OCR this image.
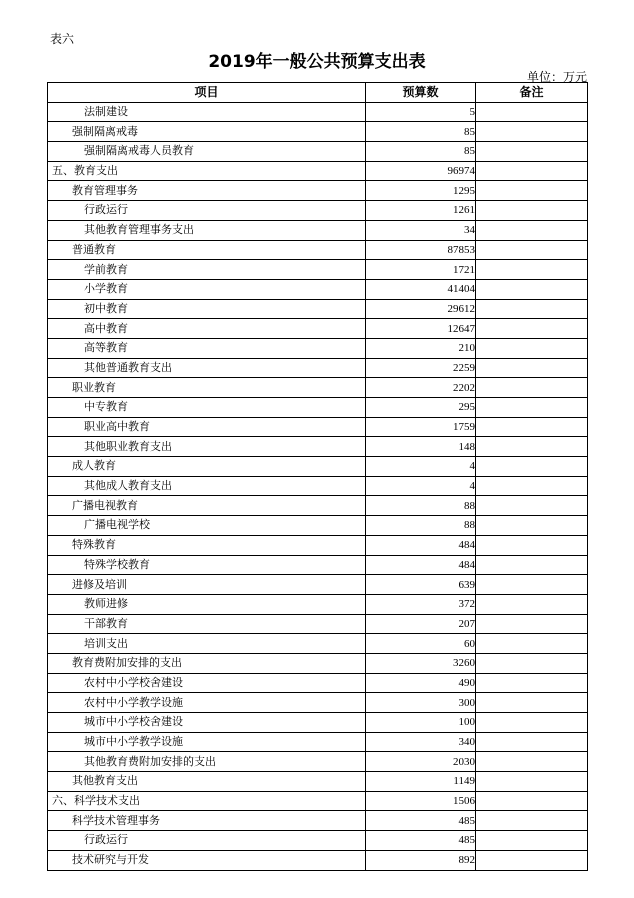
表六
2019年一般公共预算支出表
单位：万元
项目	预算数	备注
法制建设	5	
强制隔离戒毒	85	
强制隔离戒毒人员教育	85	
五、教育支出	96974	
教育管理事务	1295	
行政运行	1261	
其他教育管理事务支出	34	
普通教育	87853	
学前教育	1721	
小学教育	41404	
初中教育	29612	
高中教育	12647	
高等教育	210	
其他普通教育支出	2259	
职业教育	2202	
中专教育	295	
职业高中教育	1759	
其他职业教育支出	148	
成人教育	4	
其他成人教育支出	4	
广播电视教育	88	
广播电视学校	88	
特殊教育	484	
特殊学校教育	484	
进修及培训	639	
教师进修	372	
干部教育	207	
培训支出	60	
教育费附加安排的支出	3260	
农村中小学校舍建设	490	
农村中小学教学设施	300	
城市中小学校舍建设	100	
城市中小学教学设施	340	
其他教育费附加安排的支出	2030	
其他教育支出	1149	
六、科学技术支出	1506	
科学技术管理事务	485	
行政运行	485	
技术研究与开发	892	
